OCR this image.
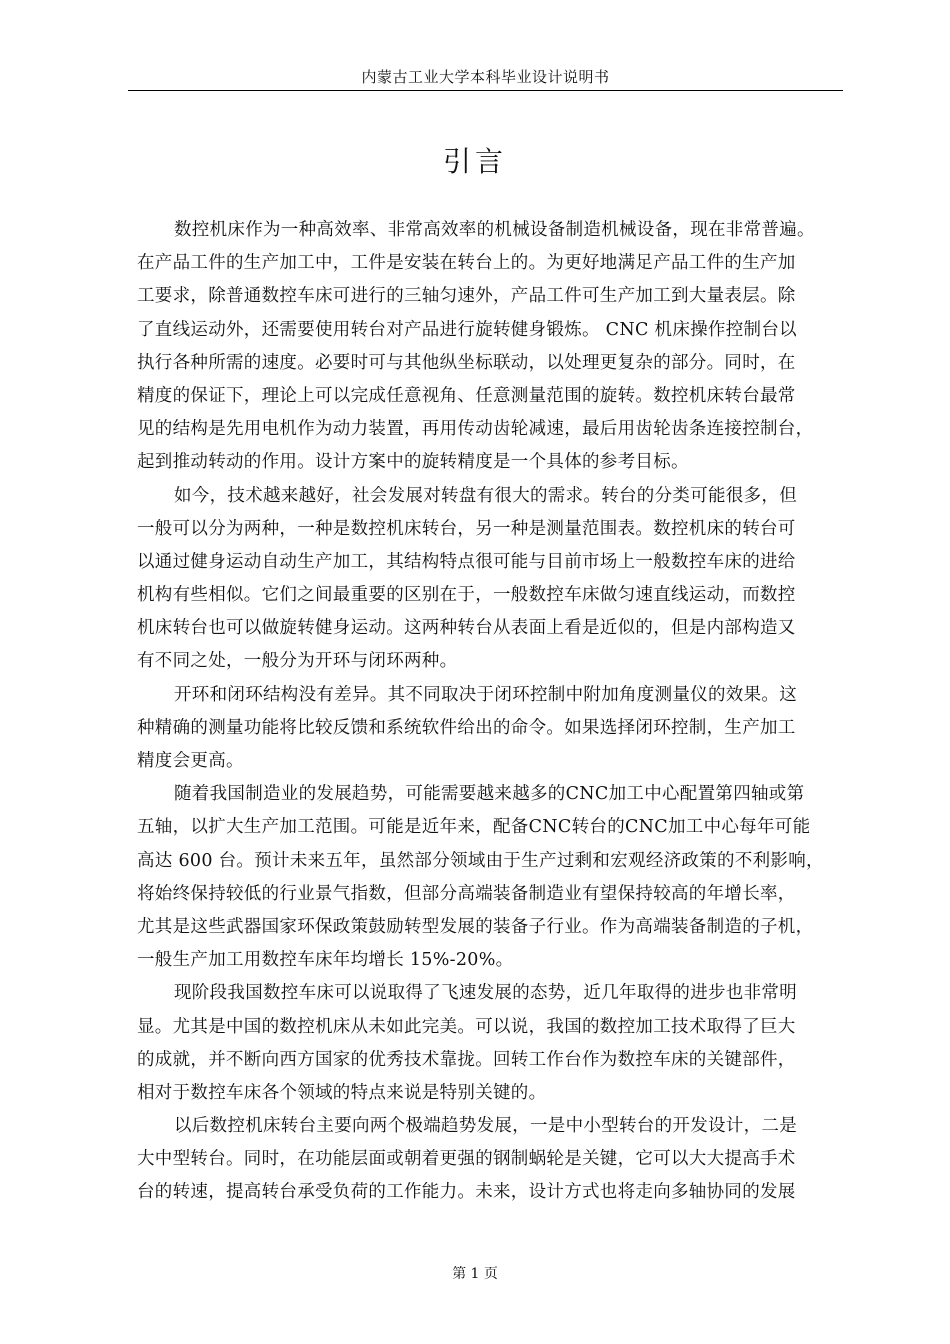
内蒙古工业大学本科毕业设计说明书
引言
数控机床作为一种高效率、非常高效率的机械设备制造机械设备，现在非常普遍。
在产品工件的生产加工中，工件是安装在转台上的。为更好地满足产品工件的生产加
工要求，除普通数控车床可进行的三轴匀速外，产品工件可生产加工到大量表层。除
了直线运动外，还需要使用转台对产品进行旋转健身锻炼。 CNC 机床操作控制台以
执行各种所需的速度。必要时可与其他纵坐标联动，以处理更复杂的部分。同时，在
精度的保证下，理论上可以完成任意视角、任意测量范围的旋转。数控机床转台最常
见的结构是先用电机作为动力装置，再用传动齿轮减速，最后用齿轮齿条连接控制台，
起到推动转动的作用。设计方案中的旋转精度是一个具体的参考目标。
如今，技术越来越好，社会发展对转盘有很大的需求。转台的分类可能很多，但
一般可以分为两种，一种是数控机床转台，另一种是测量范围表。数控机床的转台可
以通过健身运动自动生产加工，其结构特点很可能与目前市场上一般数控车床的进给
机构有些相似。它们之间最重要的区别在于，一般数控车床做匀速直线运动，而数控
机床转台也可以做旋转健身运动。这两种转台从表面上看是近似的，但是内部构造又
有不同之处，一般分为开环与闭环两种。
开环和闭环结构没有差异。其不同取决于闭环控制中附加角度测量仪的效果。这
种精确的测量功能将比较反馈和系统软件给出的命令。如果选择闭环控制，生产加工
精度会更高。
随着我国制造业的发展趋势，可能需要越来越多的CNC加工中心配置第四轴或第
五轴，以扩大生产加工范围。可能是近年来，配备CNC转台的CNC加工中心每年可能
高达 600 台。预计未来五年，虽然部分领域由于生产过剩和宏观经济政策的不利影响，
将始终保持较低的行业景气指数，但部分高端装备制造业有望保持较高的年增长率，
尤其是这些武器国家环保政策鼓励转型发展的装备子行业。作为高端装备制造的子机，
一般生产加工用数控车床年均增长 15%-20%。
现阶段我国数控车床可以说取得了飞速发展的态势，近几年取得的进步也非常明
显。尤其是中国的数控机床从未如此完美。可以说，我国的数控加工技术取得了巨大
的成就，并不断向西方国家的优秀技术靠拢。回转工作台作为数控车床的关键部件，
相对于数控车床各个领域的特点来说是特别关键的。
以后数控机床转台主要向两个极端趋势发展，一是中小型转台的开发设计，二是
大中型转台。同时，在功能层面或朝着更强的钢制蜗轮是关键，它可以大大提高手术
台的转速，提高转台承受负荷的工作能力。未来，设计方式也将走向多轴协同的发展
第 1 页
